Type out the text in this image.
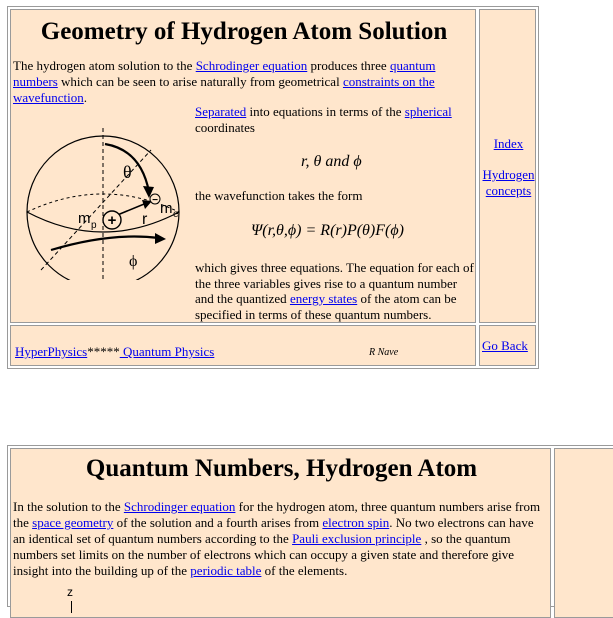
Geometry of Hydrogen Atom Solution

The hydrogen atom solution to the Schrodinger equation produces three quantum numbers which can be seen to arise naturally from geometrical constraints on the wavefunction.

Separated into equations in terms of the spherical coordinates

r, θ and ϕ

the wavefunction takes the form

Ψ(r,θ,ϕ) = R(r)P(θ)F(ϕ)

which gives three equations. The equation for each of the three variables gives rise to a quantum number and the quantized energy states of the atom can be specified in terms of these quantum numbers.

+
−
θ
ϕ
r
m p
m e
Index
Hydrogen
concepts
HyperPhysics***** Quantum Physics	R Nave	Go Back
Quantum Numbers, Hydrogen Atom

In the solution to the Schrodinger equation for the hydrogen atom, three quantum numbers arise from the space geometry of the solution and a fourth arises from electron spin. No two electrons can have an identical set of quantum numbers according to the Pauli exclusion principle , so the quantum numbers set limits on the number of electrons which can occupy a given state and therefore give insight into the building up of the periodic table of the elements.

z
